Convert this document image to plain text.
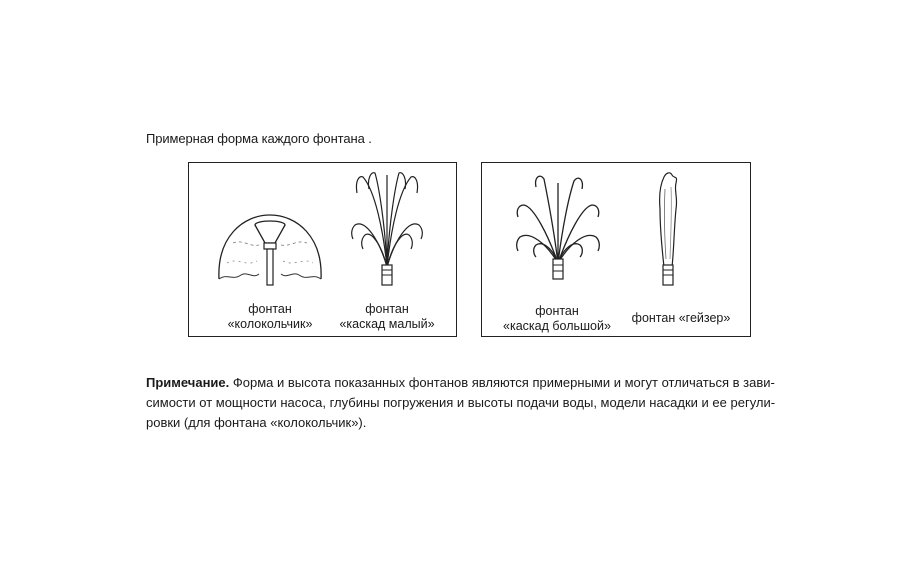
Примерная форма каждого фонтана .
фонтан
«колокольчик»
фонтан
«каскад малый»
фонтан
«каскад большой»
фонтан «гейзер»
Примечание. Форма и высота показанных фонтанов являются примерными и могут отличаться в зави-
симости от мощности насоса, глубины погружения и высоты подачи воды, модели насадки и ее регули-
ровки (для фонтана «колокольчик»).
